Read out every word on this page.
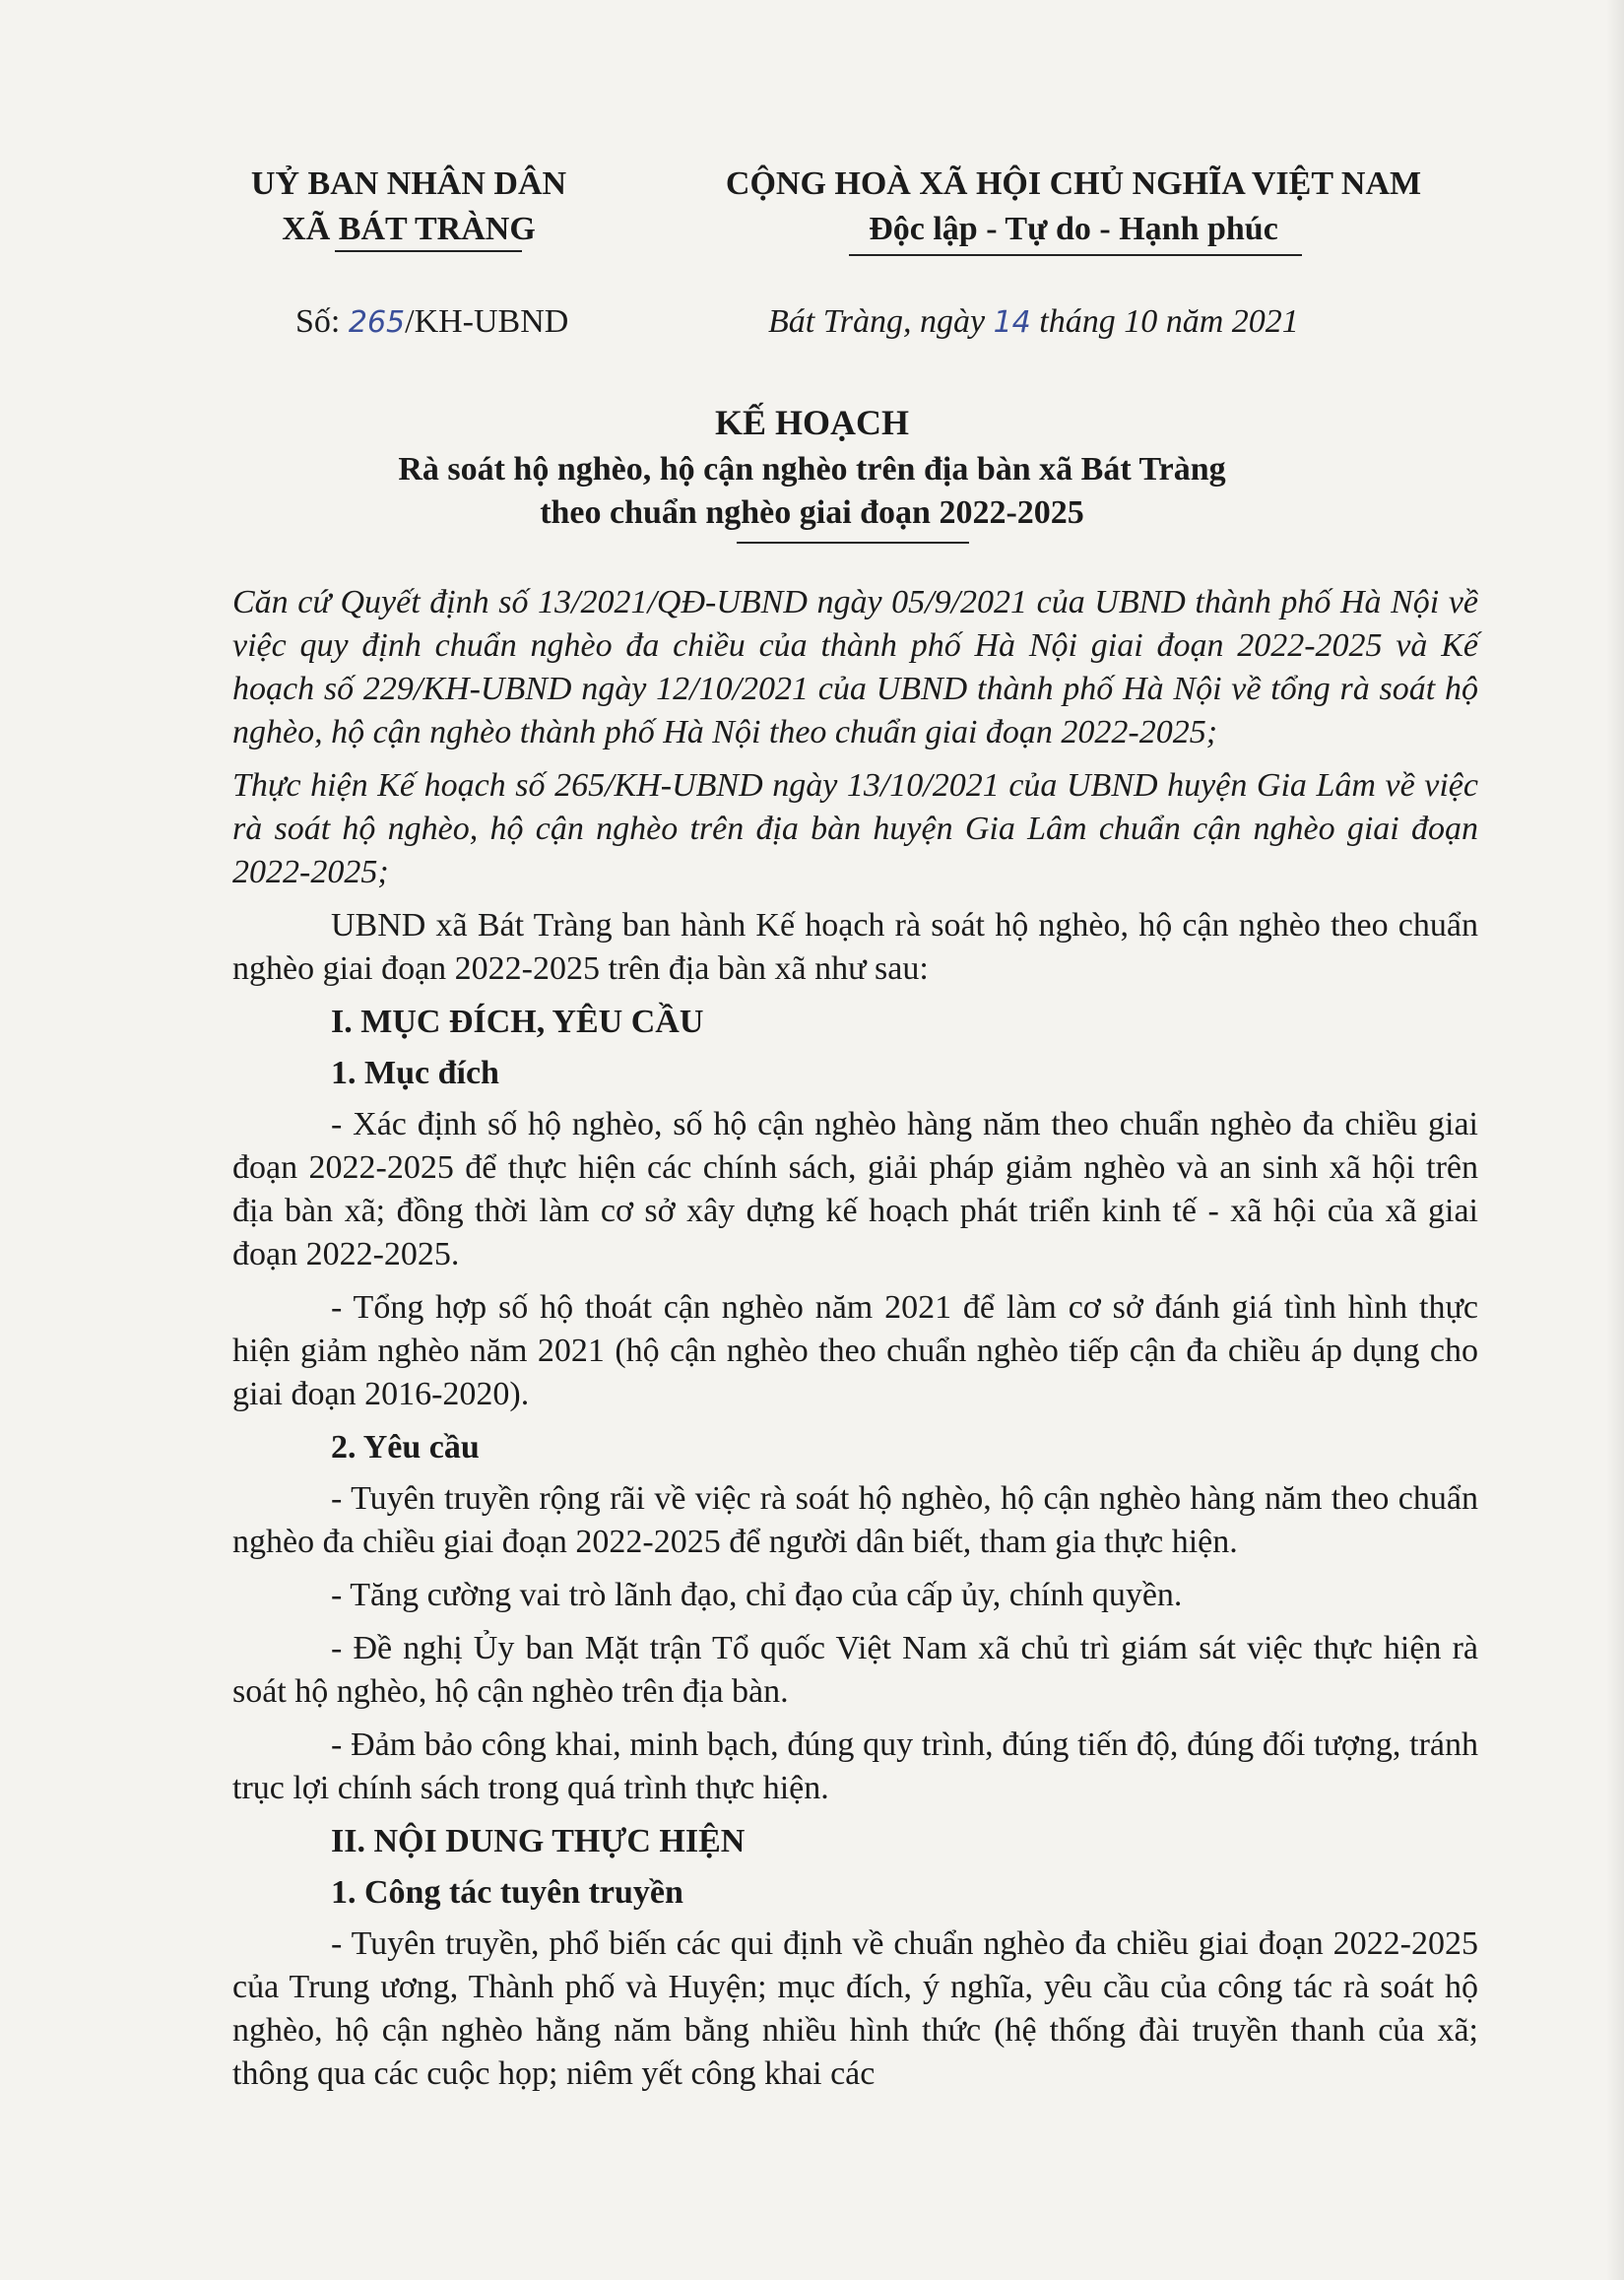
UỶ BAN NHÂN DÂN
XÃ BÁT TRÀNG
CỘNG HOÀ XÃ HỘI CHỦ NGHĨA VIỆT NAM
Độc lập - Tự do - Hạnh phúc
Số: 265/KH-UBND	Bát Tràng, ngày 14 tháng 10 năm 2021
KẾ HOẠCH
Rà soát hộ nghèo, hộ cận nghèo trên địa bàn xã Bát Tràng
theo chuẩn nghèo giai đoạn 2022-2025

Căn cứ Quyết định số 13/2021/QĐ-UBND ngày 05/9/2021 của UBND thành phố Hà Nội về việc quy định chuẩn nghèo đa chiều của thành phố Hà Nội giai đoạn 2022-2025 và Kế hoạch số 229/KH-UBND ngày 12/10/2021 của UBND thành phố Hà Nội về tổng rà soát hộ nghèo, hộ cận nghèo thành phố Hà Nội theo chuẩn giai đoạn 2022-2025;

Thực hiện Kế hoạch số 265/KH-UBND ngày 13/10/2021 của UBND huyện Gia Lâm về việc rà soát hộ nghèo, hộ cận nghèo trên địa bàn huyện Gia Lâm chuẩn cận nghèo giai đoạn 2022-2025;

UBND xã Bát Tràng ban hành Kế hoạch rà soát hộ nghèo, hộ cận nghèo theo chuẩn nghèo giai đoạn 2022-2025 trên địa bàn xã như sau:

I. MỤC ĐÍCH, YÊU CẦU

1. Mục đích

- Xác định số hộ nghèo, số hộ cận nghèo hàng năm theo chuẩn nghèo đa chiều giai đoạn 2022-2025 để thực hiện các chính sách, giải pháp giảm nghèo và an sinh xã hội trên địa bàn xã; đồng thời làm cơ sở xây dựng kế hoạch phát triển kinh tế - xã hội của xã giai đoạn 2022-2025.

- Tổng hợp số hộ thoát cận nghèo năm 2021 để làm cơ sở đánh giá tình hình thực hiện giảm nghèo năm 2021 (hộ cận nghèo theo chuẩn nghèo tiếp cận đa chiều áp dụng cho giai đoạn 2016-2020).

2. Yêu cầu

- Tuyên truyền rộng rãi về việc rà soát hộ nghèo, hộ cận nghèo hàng năm theo chuẩn nghèo đa chiều giai đoạn 2022-2025 để người dân biết, tham gia thực hiện.

- Tăng cường vai trò lãnh đạo, chỉ đạo của cấp ủy, chính quyền.

- Đề nghị Ủy ban Mặt trận Tổ quốc Việt Nam xã chủ trì giám sát việc thực hiện rà soát hộ nghèo, hộ cận nghèo trên địa bàn.

- Đảm bảo công khai, minh bạch, đúng quy trình, đúng tiến độ, đúng đối tượng, tránh trục lợi chính sách trong quá trình thực hiện.

II. NỘI DUNG THỰC HIỆN

1. Công tác tuyên truyền

- Tuyên truyền, phổ biến các qui định về chuẩn nghèo đa chiều giai đoạn 2022-2025 của Trung ương, Thành phố và Huyện; mục đích, ý nghĩa, yêu cầu của công tác rà soát hộ nghèo, hộ cận nghèo hằng năm bằng nhiều hình thức (hệ thống đài truyền thanh của xã; thông qua các cuộc họp; niêm yết công khai các
